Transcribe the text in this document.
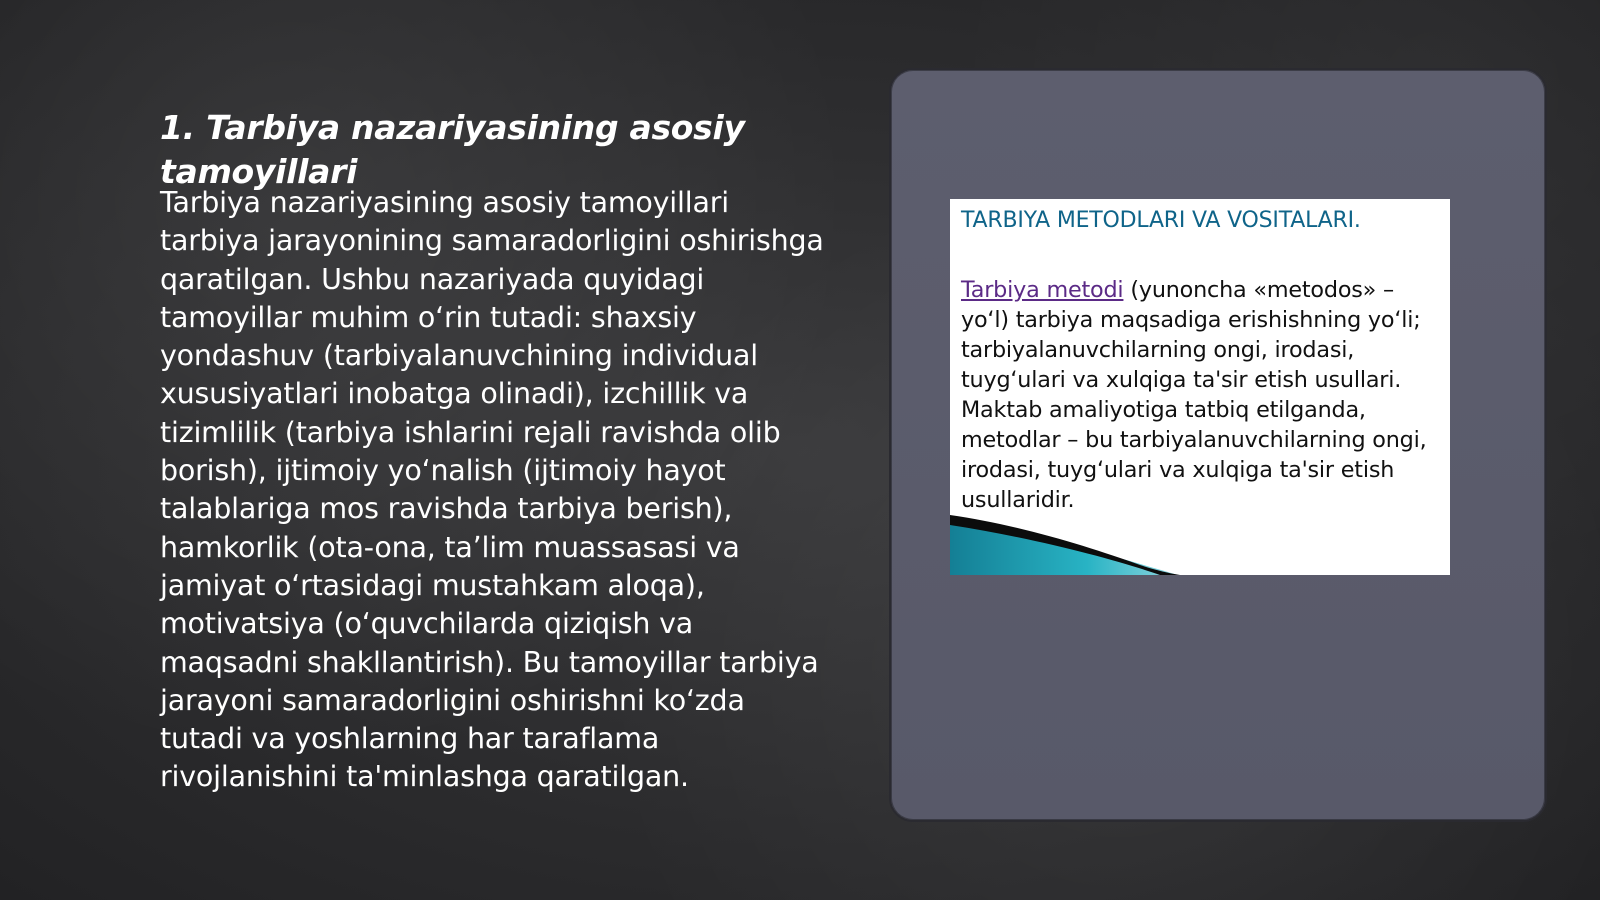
1. Tarbiya nazariyasining asosiy tamoyillari

Tarbiya nazariyasining asosiy tamoyillari tarbiya jarayonining samaradorligini oshirishga qaratilgan. Ushbu nazariyada quyidagi tamoyillar muhim oʻrin tutadi: shaxsiy yondashuv (tarbiyalanuvchining individual xususiyatlari inobatga olinadi), izchillik va tizimlilik (tarbiya ishlarini rejali ravishda olib borish), ijtimoiy yoʻnalish (ijtimoiy hayot talablariga mos ravishda tarbiya berish), hamkorlik (ota-ona, taʼlim muassasasi va jamiyat oʻrtasidagi mustahkam aloqa), motivatsiya (oʻquvchilarda qiziqish va maqsadni shakllantirish). Bu tamoyillar tarbiya jarayoni samaradorligini oshirishni koʻzda tutadi va yoshlarning har taraflama rivojlanishini ta'minlashga qaratilgan.

TARBIYA METODLARI VA VOSITALARI.

Tarbiya metodi (yunoncha «metodos» – yo‘l) tarbiya maqsadiga erishishning yo‘li; tarbiyalanuvchilarning ongi, irodasi, tuyg‘ulari va xulqiga ta'sir etish usullari. Maktab amaliyotiga tatbiq etilganda, metodlar – bu tarbiyalanuvchilarning ongi, irodasi, tuyg‘ulari va xulqiga ta'sir etish usullaridir.
